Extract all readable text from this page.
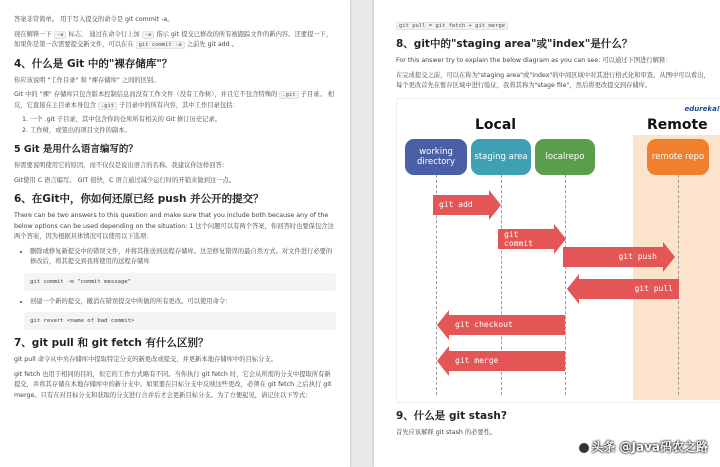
答案非常简单。 用于写入提交的命令是 git commit -a。

现在解释一下 -a 标志， 通过在命令行上加 -a 指示 git 提交已修改的所有被跟踪文件的新内容。还要提一下，如果你是第一次需要提交新文件，可以在在 git commit -a 之前先 git add 。

4、什么是 Git 中的"裸存储库"？

你应该说明 "工作目录" 和 "裸存储库" 之间的区别。

Git 中的 "裸" 存储库只包含版本控制信息而没有工作文件（没有工作树），并且它不包含特殊的 .git 子目录。 相反，它直接在主目录本身包含 .git 子目录中的所有内容，其中工作目录包括：

1. 一个 .git 子目录，其中包含你的仓库所有相关的 Git 修订历史记录。
2. 工作树，或签出的项目文件的副本。
5 Git 是用什么语言编写的？

你需要说明使用它的原因，而不仅仅是说出语言的名称。我建议你这样回答：

Git使用 C 语言编写。 GIT 很快，C 语言通过减少运行时的开销来做到这一点。

6、在Git中，你如何还原已经 push 并公开的提交？

There can be two answers to this question and make sure that you include both because any of the below options can be used depending on the situation: 1 这个问题可以有两个答案，你回答时也要保包含这两个答案，因为根据具体情况可以使用以下选项：

• 删除或修复新提交中的错误文件，并将其推送到远程存储库。这是修复错误的最自然方式。对文件进行必要的修改后，将其提交到我将使用的远程存储库
git commit -m "commit message"
• 创建一个新的提交，撤消在错误提交中所做的所有更改。可以使用命令：
git revert <name of bad commit>
7、git pull 和 git fetch 有什么区别？

git pull 命令从中央存储库中提取特定分支的新更改或提交，并更新本地存储库中的目标分支。

git fetch 也用于相同的目的，但它的工作方式略有不同。当你执行 git fetch 时，它会从所需的分支中提取所有新提交，并将其存储在本地存储库中的新分支中。如果要在目标分支中反映这些更改，必须在 git fetch 之后执行 git merge。只有在对目标分支和获取的分支进行合并后才会更新目标分支。为了方便起见，请记住以下等式：

git pull = git fetch + git merge
8、git中的"staging area"或"index"是什么？

For this answer try to explain the below diagram as you can see: 可以通过下图进行解释：

在完成提交之前，可以在称为"staging area"或"index"的中间区域中对其进行格式化和审查。从图中可以看出，每个更改首先在暂存区域中进行验证，我将其称为"stage file"，然后将更改提交到存储库。

edureka!
Local	Remote
working directory	staging area	localrepo	remote repo
git add
git commit
git push
git pull
git checkout
git merge
9、什么是 git stash?

首先应该解释 git stash 的必要性。

头条 @Java码农之路
